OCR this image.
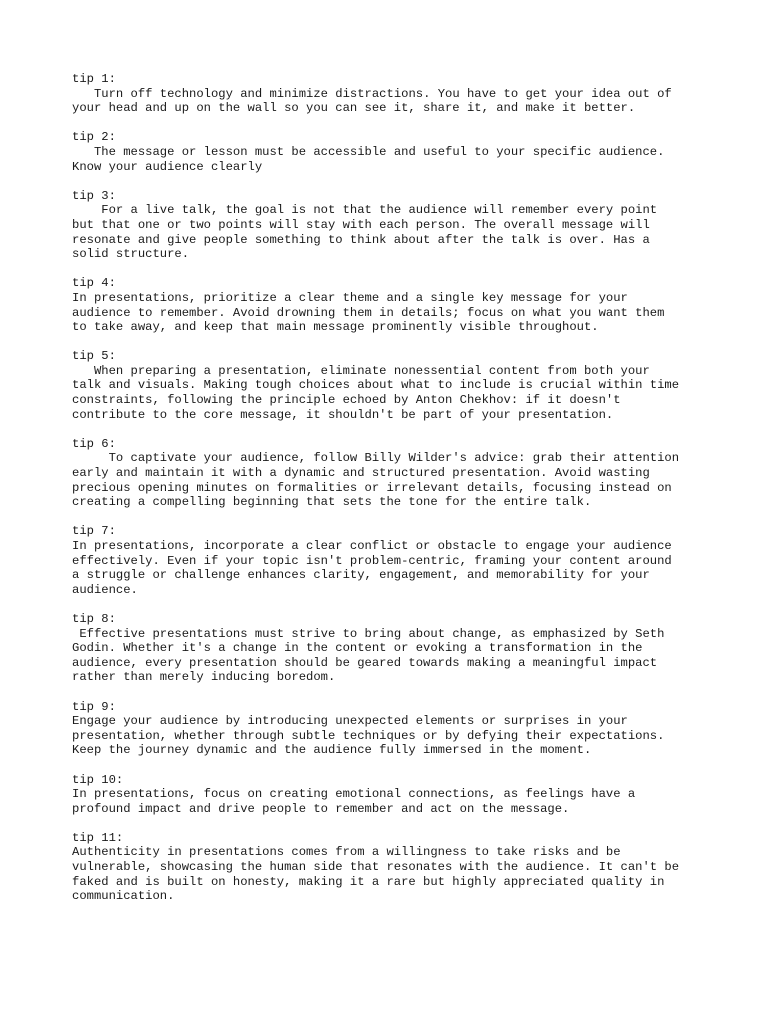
tip 1:
Turn off technology and minimize distractions. You have to get your idea out of
your head and up on the wall so you can see it, share it, and make it better.
tip 2:
The message or lesson must be accessible and useful to your specific audience.
Know your audience clearly
tip 3:
For a live talk, the goal is not that the audience will remember every point
but that one or two points will stay with each person. The overall message will
resonate and give people something to think about after the talk is over. Has a
solid structure.
tip 4:
In presentations, prioritize a clear theme and a single key message for your
audience to remember. Avoid drowning them in details; focus on what you want them
to take away, and keep that main message prominently visible throughout.
tip 5:
When preparing a presentation, eliminate nonessential content from both your
talk and visuals. Making tough choices about what to include is crucial within time
constraints, following the principle echoed by Anton Chekhov: if it doesn't
contribute to the core message, it shouldn't be part of your presentation.
tip 6:
To captivate your audience, follow Billy Wilder's advice: grab their attention
early and maintain it with a dynamic and structured presentation. Avoid wasting
precious opening minutes on formalities or irrelevant details, focusing instead on
creating a compelling beginning that sets the tone for the entire talk.
tip 7:
In presentations, incorporate a clear conflict or obstacle to engage your audience
effectively. Even if your topic isn't problem-centric, framing your content around
a struggle or challenge enhances clarity, engagement, and memorability for your
audience.
tip 8:
Effective presentations must strive to bring about change, as emphasized by Seth
Godin. Whether it's a change in the content or evoking a transformation in the
audience, every presentation should be geared towards making a meaningful impact
rather than merely inducing boredom.
tip 9:
Engage your audience by introducing unexpected elements or surprises in your
presentation, whether through subtle techniques or by defying their expectations.
Keep the journey dynamic and the audience fully immersed in the moment.
tip 10:
In presentations, focus on creating emotional connections, as feelings have a
profound impact and drive people to remember and act on the message.
tip 11:
Authenticity in presentations comes from a willingness to take risks and be
vulnerable, showcasing the human side that resonates with the audience. It can't be
faked and is built on honesty, making it a rare but highly appreciated quality in
communication.
